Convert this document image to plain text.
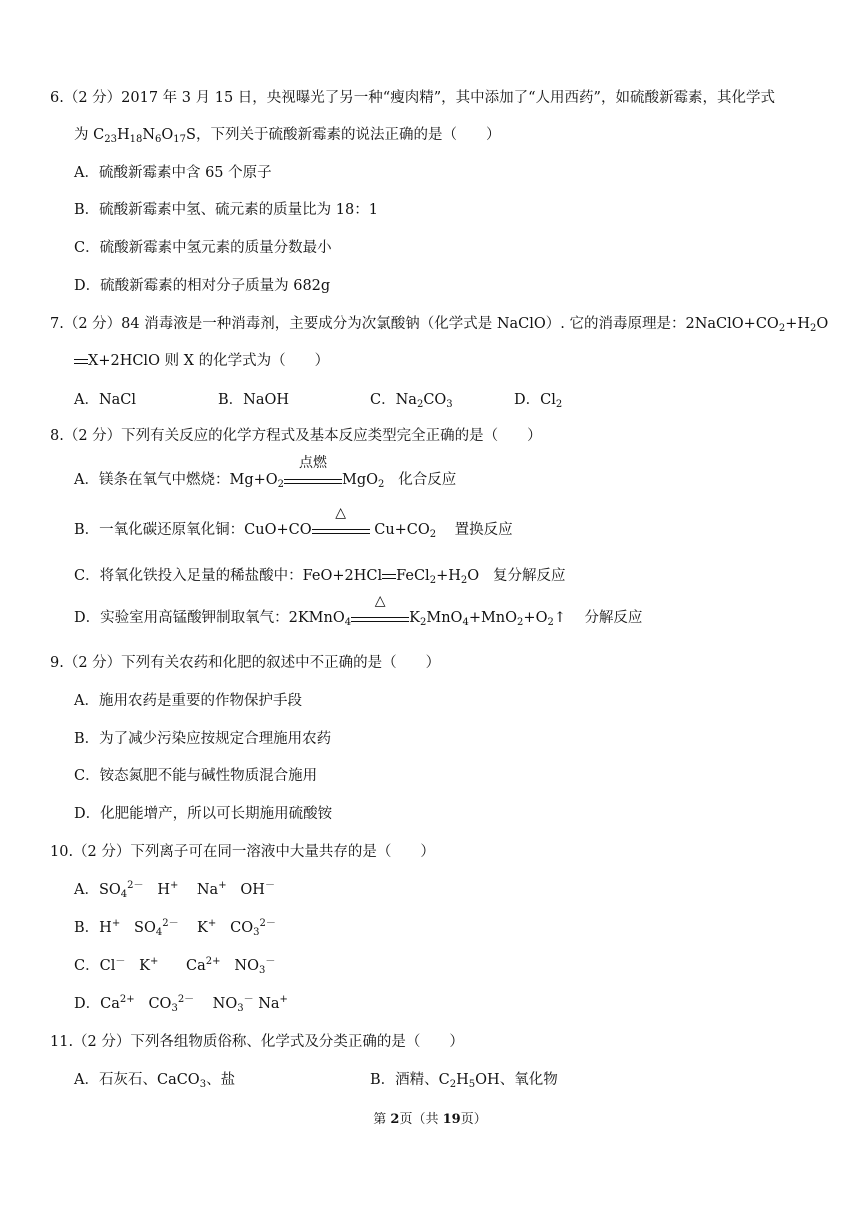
6.（2 分）2017 年 3 月 15 日，央视曝光了另一种“瘦肉精”，其中添加了“人用西药”，如硫酸新霉素，其化学式
为 $C_{23}H_{18}N_6O_{17}S$，下列关于硫酸新霉素的说法正确的是（　　）
A．硫酸新霉素中含 65 个原子
B．硫酸新霉素中氢、硫元素的质量比为 18：1
C．硫酸新霉素中氢元素的质量分数最小
D．硫酸新霉素的相对分子质量为 682g
7.（2 分）84 消毒液是一种消毒剂，主要成分为次氯酸钠（化学式是 NaClO）. 它的消毒原理是：$2NaClO+CO_2+H_2O$
X+2HClO 则 X 的化学式为（　　）
A．NaCl	B．NaOH	C．$Na_2CO_3$	D．$Cl_2$
8.（2 分）下列有关反应的化学方程式及基本反应类型完全正确的是（　　）
A．镁条在氧气中燃烧：$Mg+O_2$
点燃
MgO$_2$ 化合反应
B．一氧化碳还原氧化铜：CuO+CO
△
$Cu+CO_2$ 置换反应
C．将氧化铁投入足量的稀盐酸中：FeO+2HCl $FeCl_2+H_2O$ 复分解反应
D．实验室用高锰酸钾制取氧气：2KMnO$_4$
△
$K_2MnO_4+MnO_2+O_2↑$ 分解反应
9.（2 分）下列有关农药和化肥的叙述中不正确的是（　　）
A．施用农药是重要的作物保护手段
B．为了减少污染应按规定合理施用农药
C．铵态氮肥不能与碱性物质混合施用
D．化肥能增产，所以可长期施用硫酸铵
10.（2 分）下列离子可在同一溶液中大量共存的是（　　）
A．$SO_4^{2-}$ H+ Na+ OH－
B．H+ $SO_4^{2-}$ K+ $CO_3^{2-}$
C．Cl－ K+ $Ca^{2+}$ $NO_3^-$
D．$Ca^{2+}$ $CO_3^{2-}$ $NO_3^-$ Na+
11.（2 分）下列各组物质俗称、化学式及分类正确的是（　　）
A．石灰石、CaCO$_3$、盐	B．酒精、$C_2H_5OH$、氧化物
第 2页（共 19页）
